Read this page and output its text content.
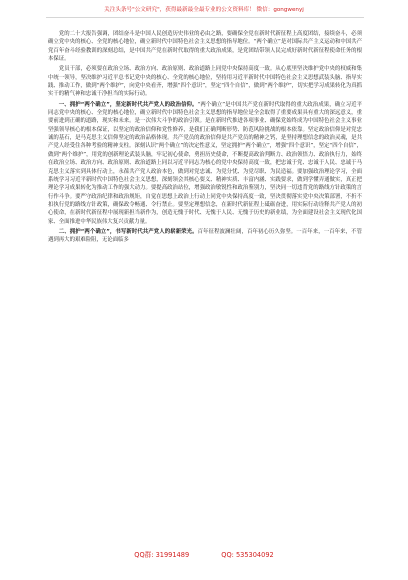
关注头条号"公文研究"，获得最新最全最专业的公文资料库！ 微信：gongwenyj

党的二十大报告强调，团结奋斗是中国人民创造历史伟业的必由之路，要确保全党在新时代新征程上高度团结，接续奋斗，必须确立党中央的核心、全党的核心地位，确立新时代中国特色社会主义思想的指导地位。“两个确立”是对国际共产主义运动和中国共产党百年奋斗经验教训的深刻总结，是中国共产党在新时代取得的重大政治成果，是党团结带领人民完成好新时代新征程使命任务的根本保证。

党员干部，必须要在政治立场、政治方向、政治原则、政治道路上同党中央保持高度一致。从心底里坚决维护党中央的权威和集中统一领导，坚决维护习近平总书记党中央的核心、全党的核心地位，坚持用习近平新时代中国特色社会主义思想武装头脑、指导实践、推动工作，做到“两个维护”，向党中央看齐，增强“四个意识”，坚定“四个自信”，做到“两个维护”，切实把学习成果转化为真抓实干的精气神和忠诚干净担当的实际行动。

一、拥护“两个确立”，坚定新时代共产党人的政治信仰。“两个确立”是中国共产党在新时代取得的重大政治成果，确立习近平同志党中央的核心、全党的核心地位，确立新时代中国特色社会主义思想的指导地位是全会取得了重要成果具有重大的深远意义，重要前进到正确的道路，现实和未来。是一次伟大斗争的政治引领。是在新时代推进各项事业、确保党始终成为中国特色社会主义事业坚强领导核心的根本保证，以坚定的政治信仰和党性修养，是我们正确判断形势、防范风险挑战的根本依靠。坚定政治信仰是对党忠诚的基石，是马克思主义信仰坚定的政治品格体现。共产党员的政治信仰是共产党员的精神之钙，是坚持理想信念的政治灵魂，是共产党人经受住各种考验的精神支柱。深刻认识“两个确立”的决定性意义，坚定拥护“两个确立”，增强“四个意识”，坚定“四个自信”，做到“两个维护”，用党的创新理论武装头脑，牢记初心使命，勇担历史使命，不断提高政治判断力、政治领悟力、政治执行力，始终在政治立场、政治方向、政治原则、政治道路上同以习近平同志为核心的党中央保持高度一致，把忠诚于党、忠诚于人民、忠诚于马克思主义落实到具体行动上，永葆共产党人政治本色，做到对党忠诚、为党分忧、为党尽职、为民造福。要加强政治理论学习，全面系统学习习近平新时代中国特色社会主义思想，深刻领会其核心要义、精神实质、丰富内涵、实践要求，做到学懂弄通做实，真正把理论学习成果转化为推动工作的强大动力。要提高政治站位，增强政治敏锐性和政治鉴别力，坚决同一切违背党的路线方针政策的言行作斗争。要严守政治纪律和政治规矩，自觉在思想上政治上行动上同党中央保持高度一致，坚决贯彻落实党中央决策部署，不折不扣执行党的路线方针政策，确保政令畅通、令行禁止。要坚定理想信念，在新时代新征程上砥砺奋进，用实际行动诠释共产党人的初心使命，在新时代新征程中展现新担当新作为，创造无愧于时代、无愧于人民、无愧于历史的新业绩，为全面建设社会主义现代化国家、全面推进中华民族伟大复兴贡献力量。

二、拥护“两个确立”，书写新时代共产党人的崭新荣光。百年征程波澜壮阔，百年初心历久弥坚。一百年来，一百年来，不管遇到再大的艰难险阻，无论面临多

QQ群: 31991489	QQ: 535304092
